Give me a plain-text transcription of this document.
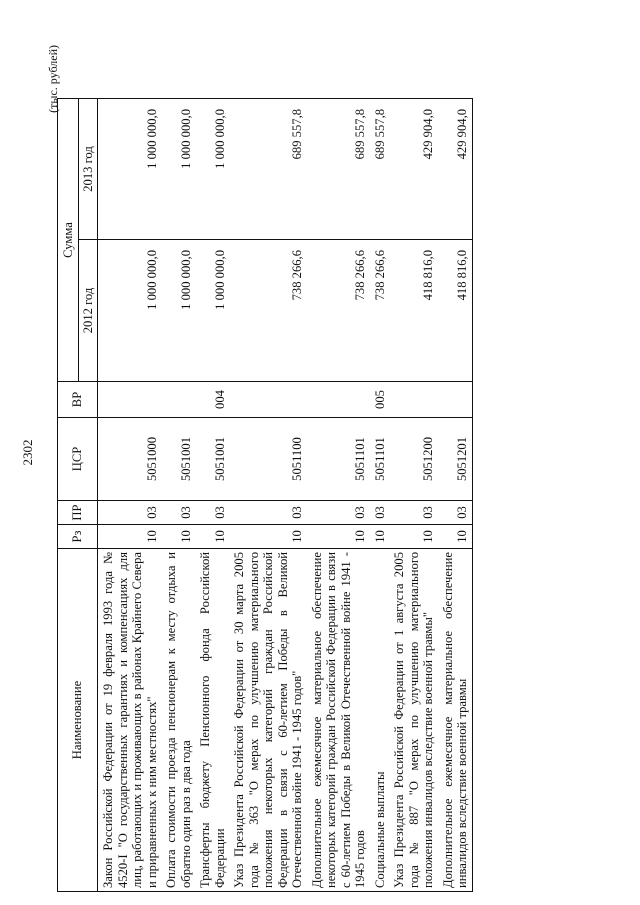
2302
(тыс. рублей)
Наименование	Рз	ПР	ЦСР	ВР	Сумма	
					2012 год	2013 год
Закон Российской Федерации от 19 февраля 1993 года № 4520-I "О государственных гарантиях и компенсациях для лиц, работающих и проживающих в районах Крайнего Севера и приравненных к ним местностях"	10	03	5051000		1 000 000,0	1 000 000,0
Оплата стоимости проезда пенсионерам к месту отдыха и обратно один раз в два года	10	03	5051001		1 000 000,0	1 000 000,0
Трансферты бюджету Пенсионного фонда Российской Федерации	10	03	5051001	004	1 000 000,0	1 000 000,0
Указ Президента Российской Федерации от 30 марта 2005 года № 363 "О мерах по улучшению материального положения некоторых категорий граждан Российской Федерации в связи с 60-летием Победы в Великой Отечественной войне 1941 - 1945 годов"	10	03	5051100		738 266,6	689 557,8
Дополнительное ежемесячное материальное обеспечение некоторых категорий граждан Российской Федерации в связи с 60-летием Победы в Великой Отечественной войне 1941 - 1945 годов	10	03	5051101		738 266,6	689 557,8
Социальные выплаты	10	03	5051101	005	738 266,6	689 557,8
Указ Президента Российской Федерации от 1 августа 2005 года № 887 "О мерах по улучшению материального положения инвалидов вследствие военной травмы"	10	03	5051200		418 816,0	429 904,0
Дополнительное ежемесячное материальное обеспечение инвалидов вследствие военной травмы	10	03	5051201		418 816,0	429 904,0
